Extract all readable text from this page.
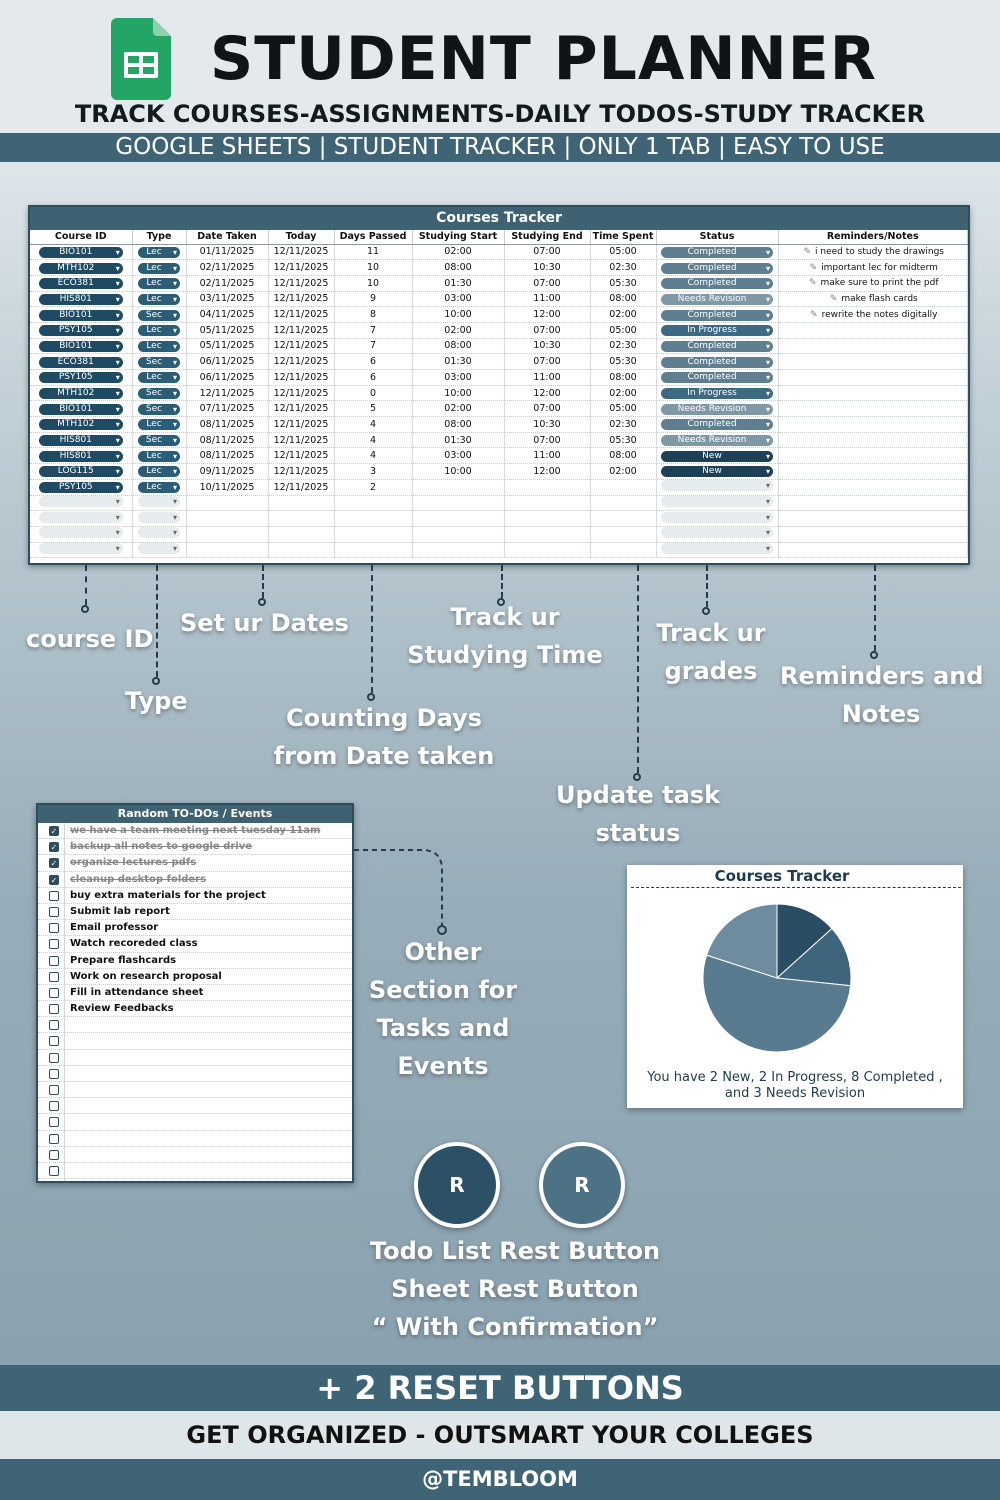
STUDENT PLANNER
TRACK COURSES-ASSIGNMENTS-DAILY TODOS-STUDY TRACKER
GOOGLE SHEETS | STUDENT TRACKER | ONLY 1 TAB | EASY TO USE
Courses Tracker
Course ID	Type	Date Taken	Today	Days Passed	Studying Start	Studying End	Time Spent	Status	Reminders/Notes
BIO101 ▾	Lec ▾	01/11/2025	12/11/2025	11	02:00	07:00	05:00	Completed ▾	✎ i need to study the drawings
MTH102 ▾	Lec ▾	02/11/2025	12/11/2025	10	08:00	10:30	02:30	Completed ▾	✎ important lec for midterm
ECO381 ▾	Lec ▾	02/11/2025	12/11/2025	10	01:30	07:00	05:30	Completed ▾	✎ make sure to print the pdf
HIS801 ▾	Lec ▾	03/11/2025	12/11/2025	9	03:00	11:00	08:00	Needs Revision ▾	✎ make flash cards
BIO101 ▾	Sec ▾	04/11/2025	12/11/2025	8	10:00	12:00	02:00	Completed ▾	✎ rewrite the notes digitally
PSY105 ▾	Lec ▾	05/11/2025	12/11/2025	7	02:00	07:00	05:00	In Progress ▾	
BIO101 ▾	Lec ▾	05/11/2025	12/11/2025	7	08:00	10:30	02:30	Completed ▾	
ECO381 ▾	Sec ▾	06/11/2025	12/11/2025	6	01:30	07:00	05:30	Completed ▾	
PSY105 ▾	Lec ▾	06/11/2025	12/11/2025	6	03:00	11:00	08:00	Completed ▾	
MTH102 ▾	Sec ▾	12/11/2025	12/11/2025	0	10:00	12:00	02:00	In Progress ▾	
BIO101 ▾	Sec ▾	07/11/2025	12/11/2025	5	02:00	07:00	05:00	Needs Revision ▾	
MTH102 ▾	Lec ▾	08/11/2025	12/11/2025	4	08:00	10:30	02:30	Completed ▾	
HIS801 ▾	Sec ▾	08/11/2025	12/11/2025	4	01:30	07:00	05:30	Needs Revision ▾	
HIS801 ▾	Lec ▾	08/11/2025	12/11/2025	4	03:00	11:00	08:00	New ▾	
LOG115 ▾	Lec ▾	09/11/2025	12/11/2025	3	10:00	12:00	02:00	New ▾	
PSY105 ▾	Lec ▾	10/11/2025	12/11/2025	2				▾	
▾	▾							▾	
▾	▾							▾	
▾	▾							▾	
▾	▾							▾	
course ID
Type
Set ur Dates
Counting Days
from Date taken
Track ur
Studying Time
Update task
status
Track ur
grades Reminders and
Notes
Random TO-DOs / Events
✓ we have a team meeting next tuesday 11am
✓ backup all notes to google drive
✓ organize lectures pdfs
✓ cleanup desktop folders
buy extra materials for the project
Submit lab report
Email professor
Watch recoreded class
Prepare flashcards
Work on research proposal
Fill in attendance sheet
Review Feedbacks
Other
Section for
Tasks and
Events
Courses Tracker
You have 2 New, 2 In Progress, 8 Completed ,
and 3 Needs Revision
R	R
Todo List Rest Button
Sheet Rest Button
“ With Confirmation”
+ 2 RESET BUTTONS
GET ORGANIZED - OUTSMART YOUR COLLEGES
@TEMBLOOM
